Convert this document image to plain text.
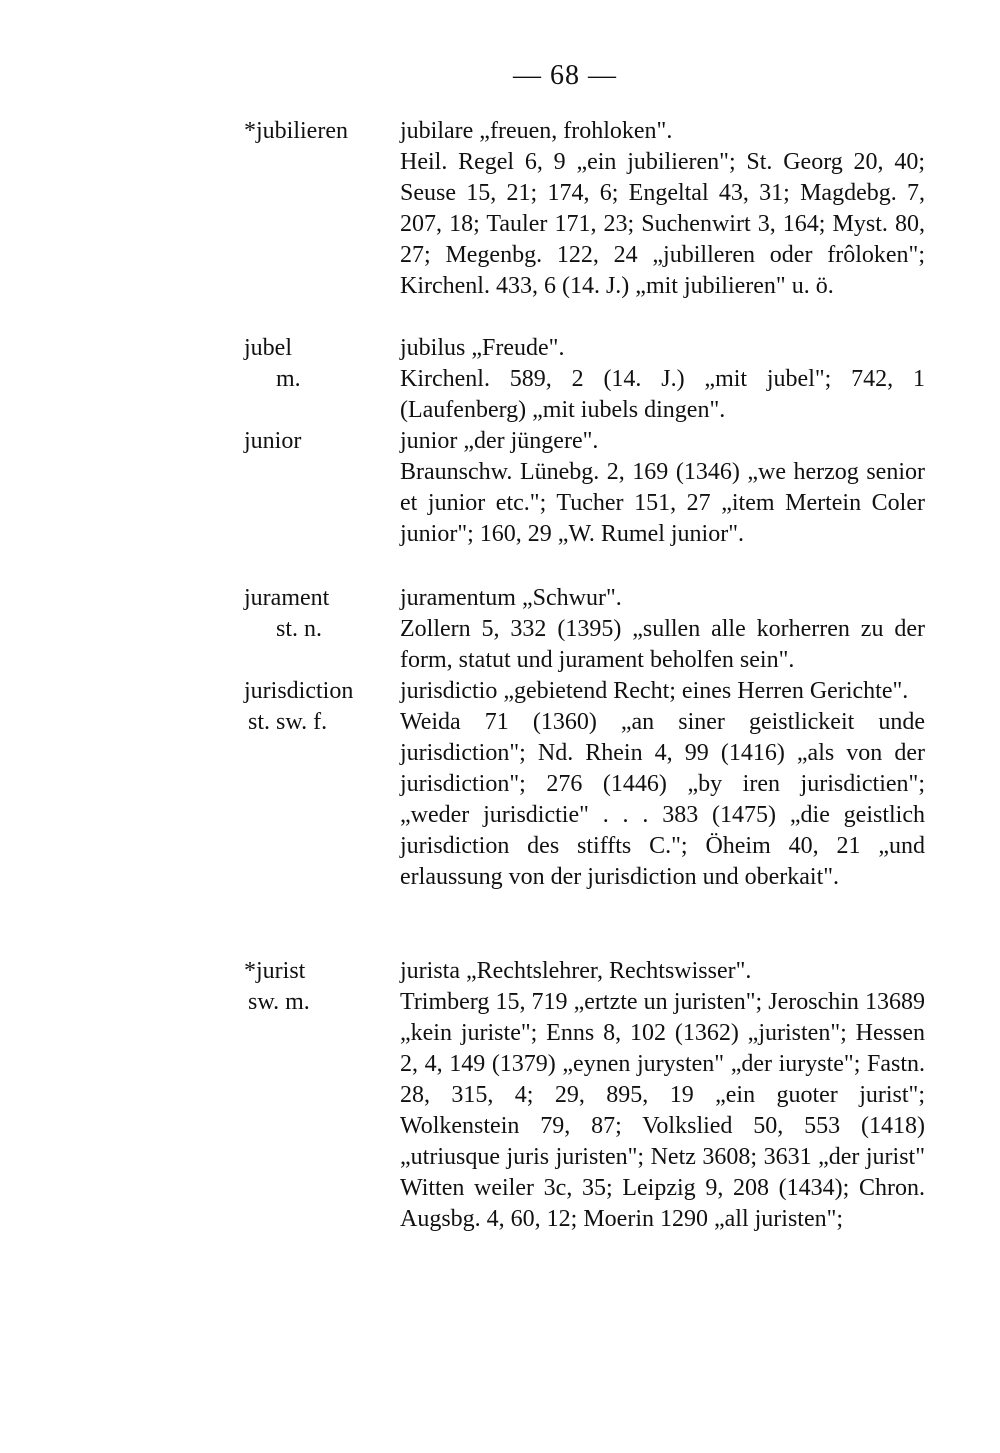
— 68 —
*jubilieren	jubilare „freuen, frohloken".
Heil. Regel 6, 9 „ein jubilieren"; St. Georg 20, 40; Seuse 15, 21; 174, 6; Engeltal 43, 31; Magdebg. 7, 207, 18; Tauler 171, 23; Suchenwirt 3, 164; Myst. 80, 27; Megenbg. 122, 24 „jubilleren oder frôloken"; Kirchenl. 433, 6 (14. J.) „mit jubilieren" u. ö.
jubel
m.
jubilus „Freude".
Kirchenl. 589, 2 (14. J.) „mit jubel"; 742, 1 (Laufenberg) „mit iubels dingen".
junior	junior „der jüngere".
Braunschw. Lünebg. 2, 169 (1346) „we herzog senior et junior etc."; Tucher 151, 27 „item Mertein Coler junior"; 160, 29 „W. Rumel junior".
jurament
st. n.
juramentum „Schwur".
Zollern 5, 332 (1395) „sullen alle korherren zu der form, statut und jurament beholfen sein".
jurisdiction
st. sw. f.
jurisdictio „gebietend Recht; eines Herren Gerichte".
Weida 71 (1360) „an siner geistlickeit unde jurisdiction"; Nd. Rhein 4, 99 (1416) „als von der jurisdiction"; 276 (1446) „by iren jurisdictien"; „weder jurisdictie" . . . 383 (1475) „die geistlich jurisdiction des stiffts C."; Öheim 40, 21 „und erlaussung von der jurisdiction und oberkait".
*jurist
sw. m.
jurista „Rechtslehrer, Rechtswisser".
Trimberg 15, 719 „ertzte un juristen"; Jeroschin 13689 „kein juriste"; Enns 8, 102 (1362) „juristen"; Hessen 2, 4, 149 (1379) „eynen jurysten" „der iuryste"; Fastn. 28, 315, 4; 29, 895, 19 „ein guoter jurist"; Wolkenstein 79, 87; Volkslied 50, 553 (1418) „utriusque juris juristen"; Netz 3608; 3631 „der jurist" Witten weiler 3c, 35; Leipzig 9, 208 (1434); Chron. Augsbg. 4, 60, 12; Moerin 1290 „all juristen";
